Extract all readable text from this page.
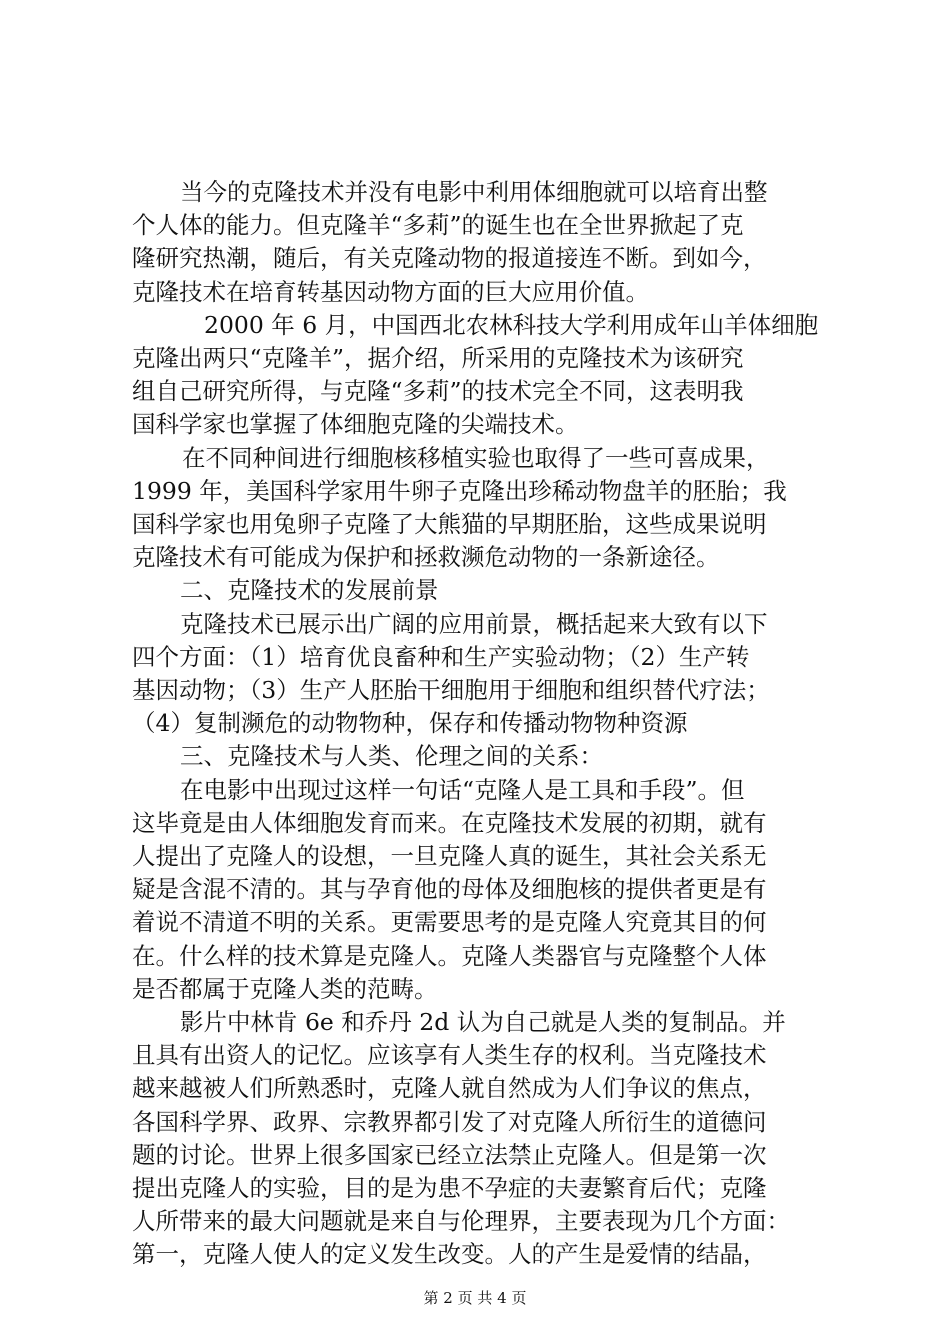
当今的克隆技术并没有电影中利用体细胞就可以培育出整
个人体的能力。但克隆羊“多莉”的诞生也在全世界掀起了克
隆研究热潮，随后，有关克隆动物的报道接连不断。到如今，
克隆技术在培育转基因动物方面的巨大应用价值。
2000 年 6 月，中国西北农林科技大学利用成年山羊体细胞
克隆出两只“克隆羊”，据介绍，所采用的克隆技术为该研究
组自己研究所得，与克隆“多莉”的技术完全不同，这表明我
国科学家也掌握了体细胞克隆的尖端技术。
在不同种间进行细胞核移植实验也取得了一些可喜成果，
1999 年，美国科学家用牛卵子克隆出珍稀动物盘羊的胚胎；我
国科学家也用兔卵子克隆了大熊猫的早期胚胎，这些成果说明
克隆技术有可能成为保护和拯救濒危动物的一条新途径。
二、克隆技术的发展前景
克隆技术已展示出广阔的应用前景，概括起来大致有以下
四个方面：（1）培育优良畜种和生产实验动物；（2）生产转
基因动物；（3）生产人胚胎干细胞用于细胞和组织替代疗法；
（4）复制濒危的动物物种，保存和传播动物物种资源
三、克隆技术与人类、伦理之间的关系：
在电影中出现过这样一句话“克隆人是工具和手段”。但
这毕竟是由人体细胞发育而来。在克隆技术发展的初期，就有
人提出了克隆人的设想，一旦克隆人真的诞生，其社会关系无
疑是含混不清的。其与孕育他的母体及细胞核的提供者更是有
着说不清道不明的关系。更需要思考的是克隆人究竟其目的何
在。什么样的技术算是克隆人。克隆人类器官与克隆整个人体
是否都属于克隆人类的范畴。
影片中林肯 6e 和乔丹 2d 认为自己就是人类的复制品。并
且具有出资人的记忆。应该享有人类生存的权利。当克隆技术
越来越被人们所熟悉时，克隆人就自然成为人们争议的焦点，
各国科学界、政界、宗教界都引发了对克隆人所衍生的道德问
题的讨论。世界上很多国家已经立法禁止克隆人。但是第一次
提出克隆人的实验，目的是为患不孕症的夫妻繁育后代；克隆
人所带来的最大问题就是来自与伦理界，主要表现为几个方面：
第一，克隆人使人的定义发生改变。人的产生是爱情的结晶，
第 2 页 共 4 页
